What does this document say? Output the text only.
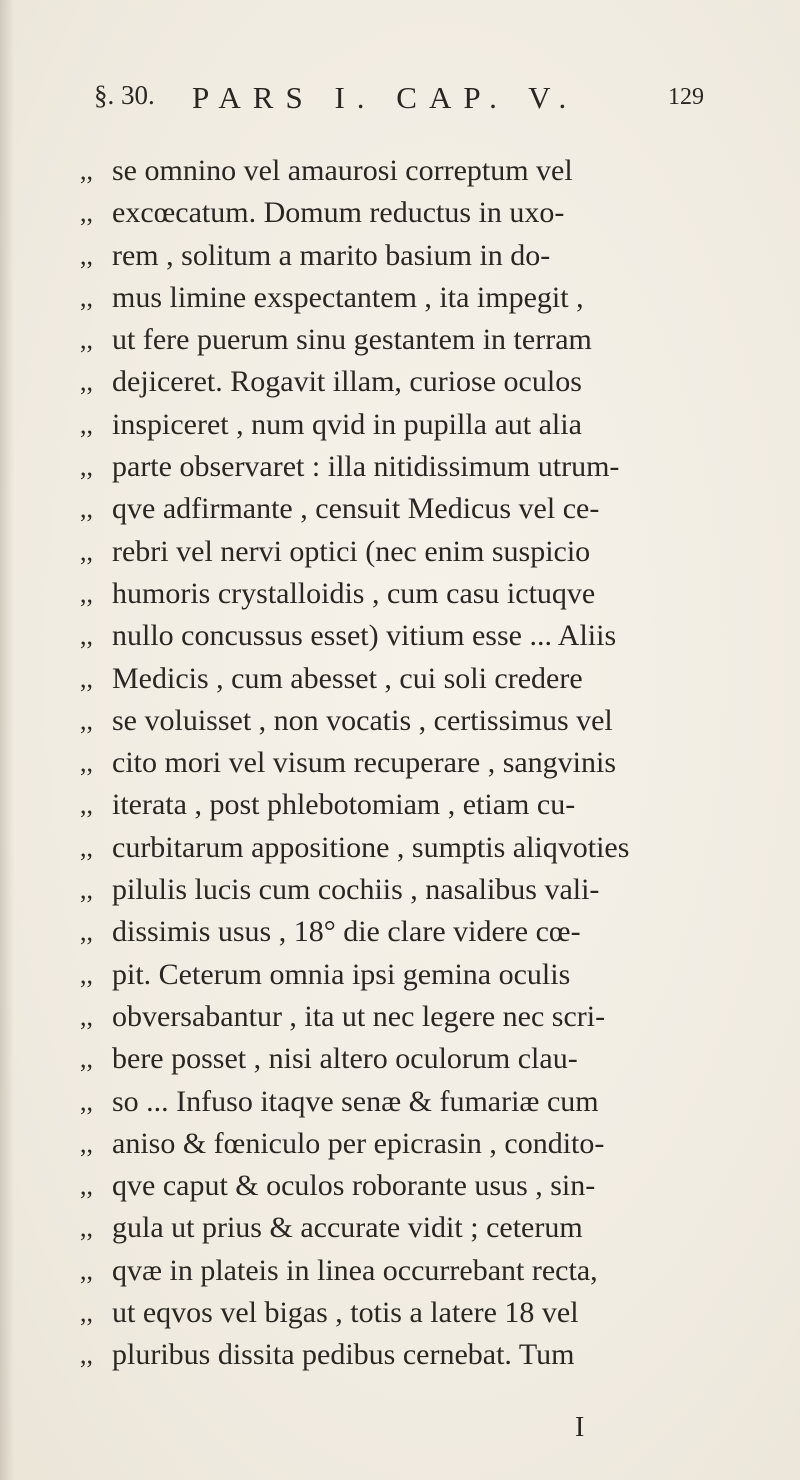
§. 30. PARS I. CAP. V.	129
,, se omnino vel amaurosi correptum vel
,, excœcatum. Domum reductus in uxo-
,, rem , solitum a marito basium in do-
,, mus limine exspectantem , ita impegit ,
,, ut fere puerum sinu gestantem in terram
,, dejiceret. Rogavit illam, curiose oculos
,, inspiceret , num qvid in pupilla aut alia
,, parte observaret : illa nitidissimum utrum-
,, qve adfirmante , censuit Medicus vel ce-
,, rebri vel nervi optici (nec enim suspicio
,, humoris crystalloidis , cum casu ictuqve
,, nullo concussus esset) vitium esse ... Aliis
,, Medicis , cum abesset , cui soli credere
,, se voluisset , non vocatis , certissimus vel
,, cito mori vel visum recuperare , sangvinis
,, iterata , post phlebotomiam , etiam cu-
,, curbitarum appositione , sumptis aliqvoties
,, pilulis lucis cum cochiis , nasalibus vali-
,, dissimis usus , 18° die clare videre cœ-
,, pit. Ceterum omnia ipsi gemina oculis
,, obversabantur , ita ut nec legere nec scri-
,, bere posset , nisi altero oculorum clau-
,, so ... Infuso itaqve senæ & fumariæ cum
,, aniso & fœniculo per epicrasin , condito-
,, qve caput & oculos roborante usus , sin-
,, gula ut prius & accurate vidit ; ceterum
,, qvæ in plateis in linea occurrebant recta,
,, ut eqvos vel bigas , totis a latere 18 vel
,, pluribus dissita pedibus cernebat. Tum
I
